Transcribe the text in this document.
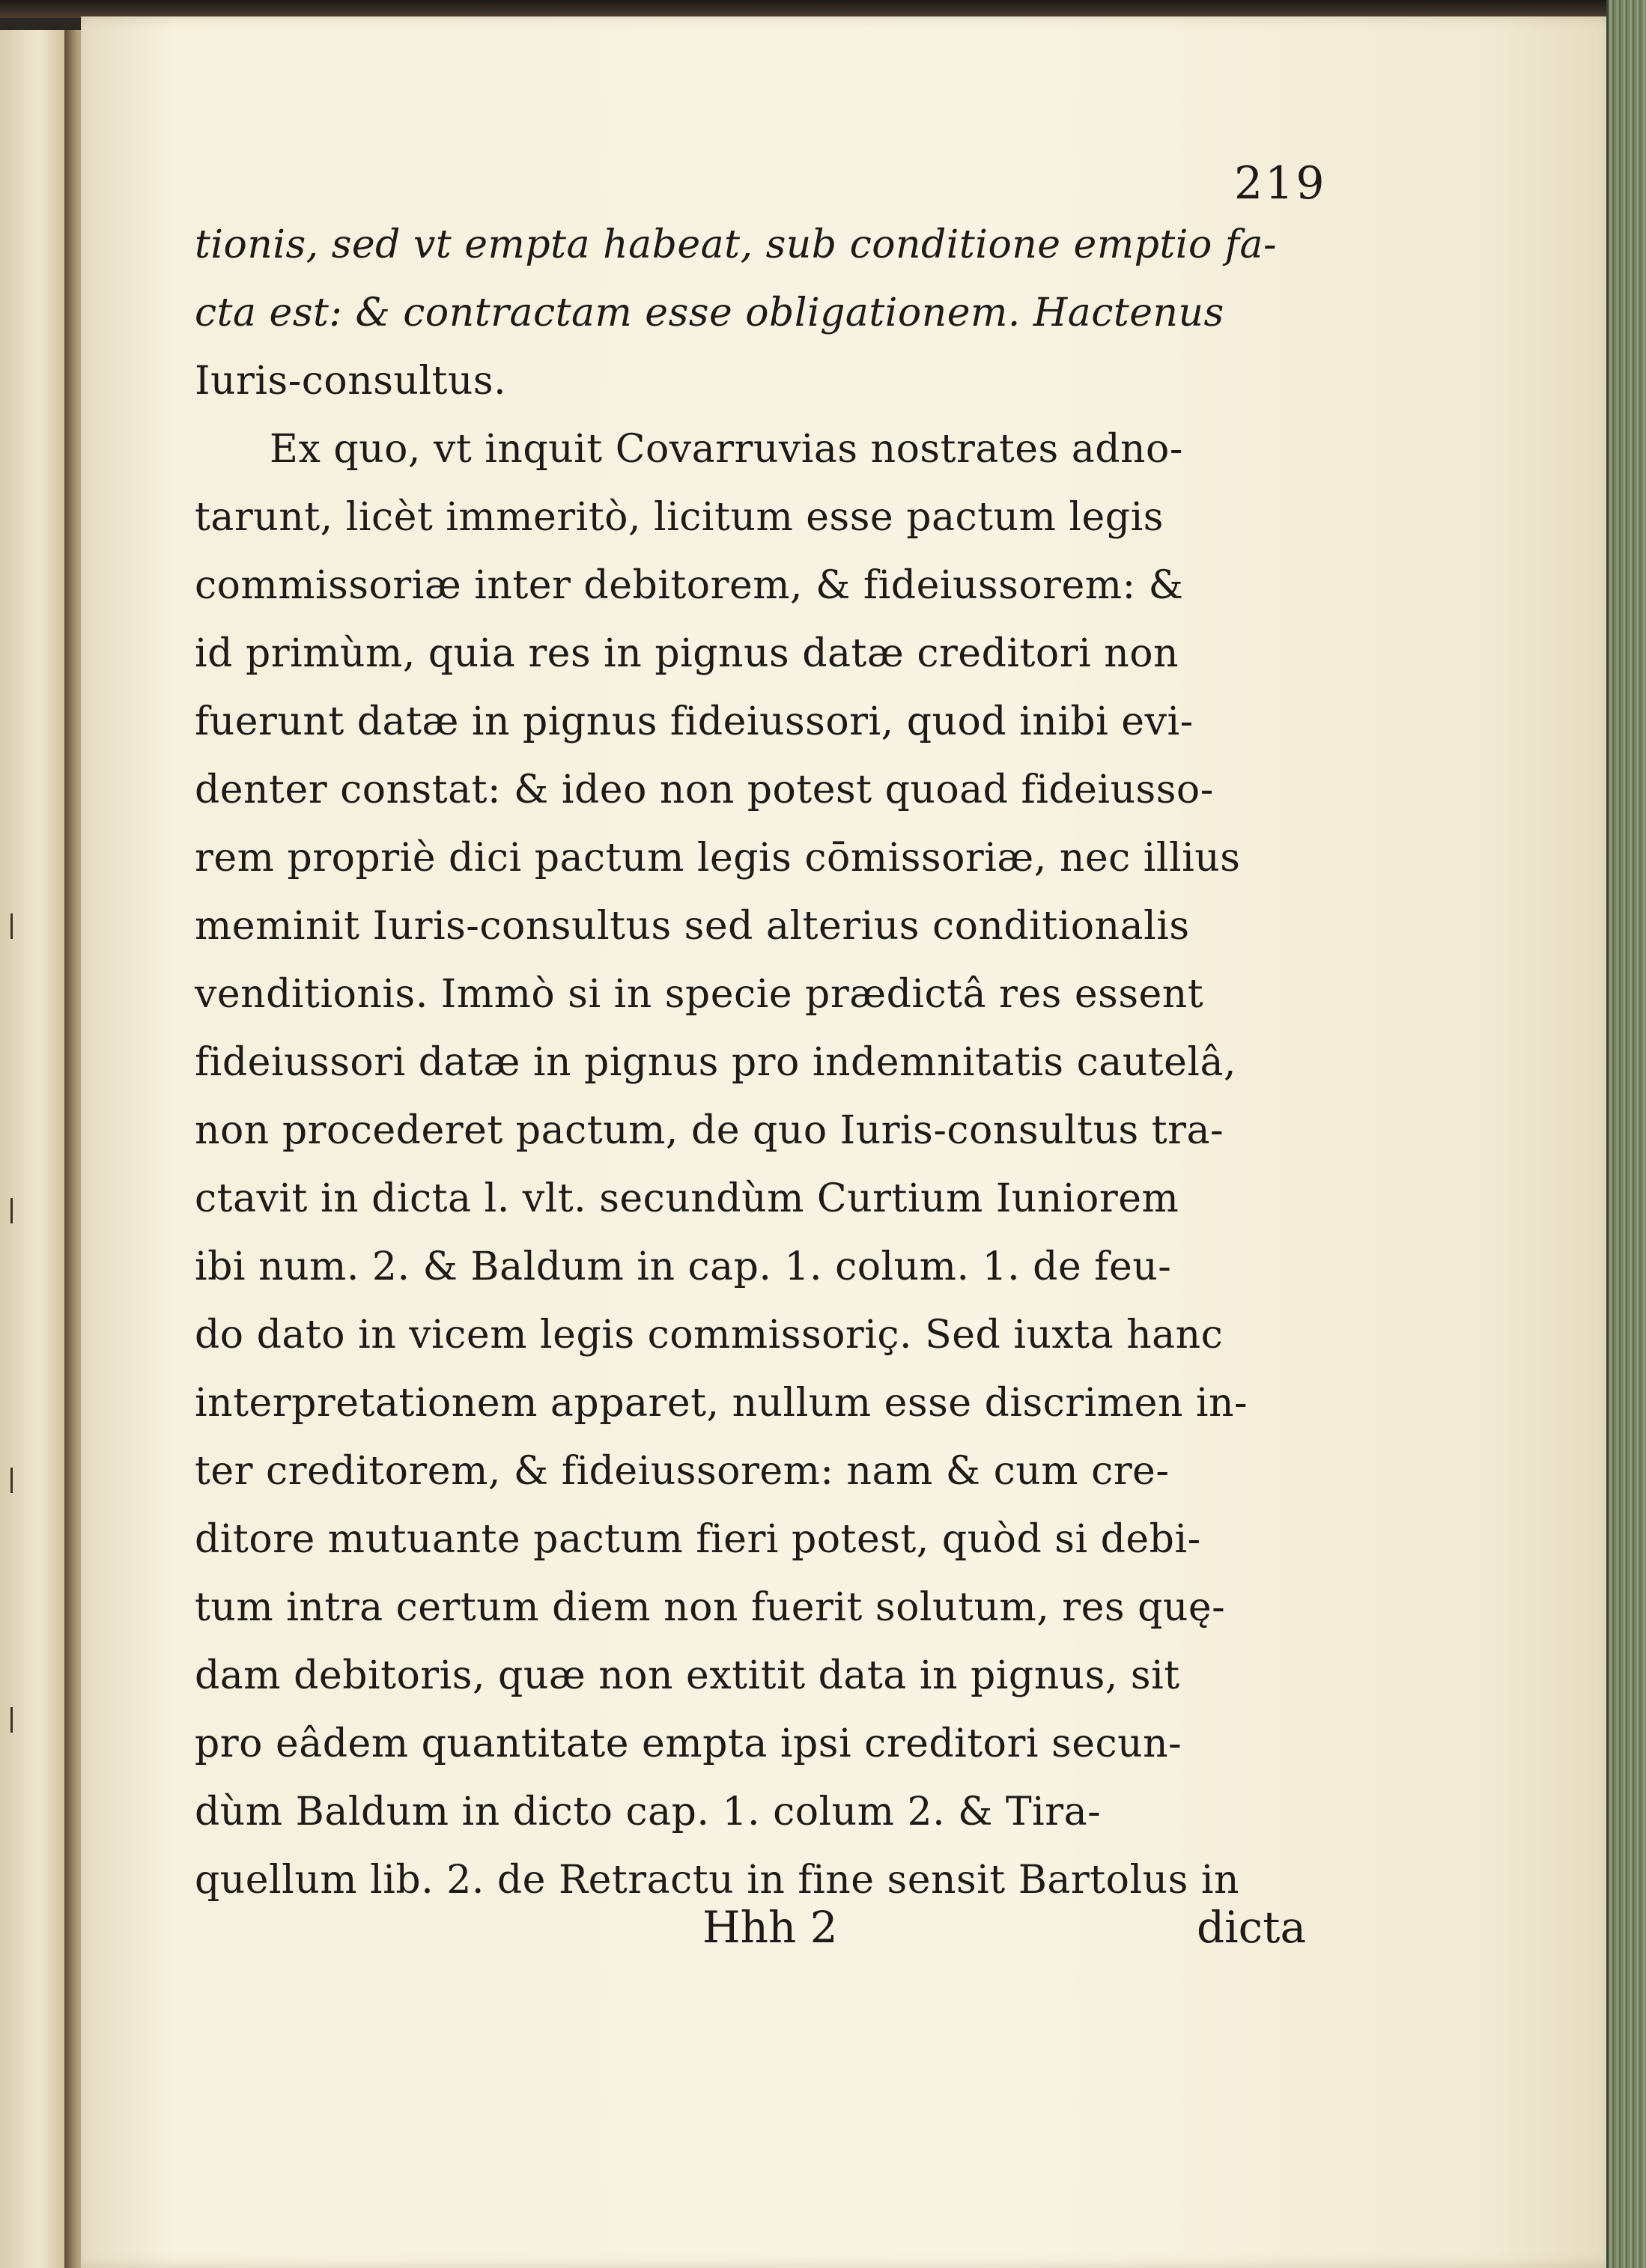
219
tionis, sed vt empta habeat, sub conditione emptio fa-
cta est: & contractam esse obligationem. Hactenus
Iuris-consultus.
Ex quo, vt inquit Covarruvias nostrates adno-
tarunt, licèt immeritò, licitum esse pactum legis
commissoriæ inter debitorem, & fideiussorem: &
id primùm, quia res in pignus datæ creditori non
fuerunt datæ in pignus fideiussori, quod inibi evi-
denter constat: & ideo non potest quoad fideiusso-
rem propriè dici pactum legis cōmissoriæ, nec illius
meminit Iuris-consultus sed alterius conditionalis
venditionis. Immò si in specie prædictâ res essent
fideiussori datæ in pignus pro indemnitatis cautelâ,
non procederet pactum, de quo Iuris-consultus tra-
ctavit in dicta l. vlt. secundùm Curtium Iuniorem
ibi num. 2. & Baldum in cap. 1. colum. 1. de feu-
do dato in vicem legis commissoriç. Sed iuxta hanc
interpretationem apparet, nullum esse discrimen in-
ter creditorem, & fideiussorem: nam & cum cre-
ditore mutuante pactum fieri potest, quòd si debi-
tum intra certum diem non fuerit solutum, res quę-
dam debitoris, quæ non extitit data in pignus, sit
pro eâdem quantitate empta ipsi creditori secun-
dùm Baldum in dicto cap. 1. colum 2. & Tira-
quellum lib. 2. de Retractu in fine sensit Bartolus in
Hhh 2	dicta
